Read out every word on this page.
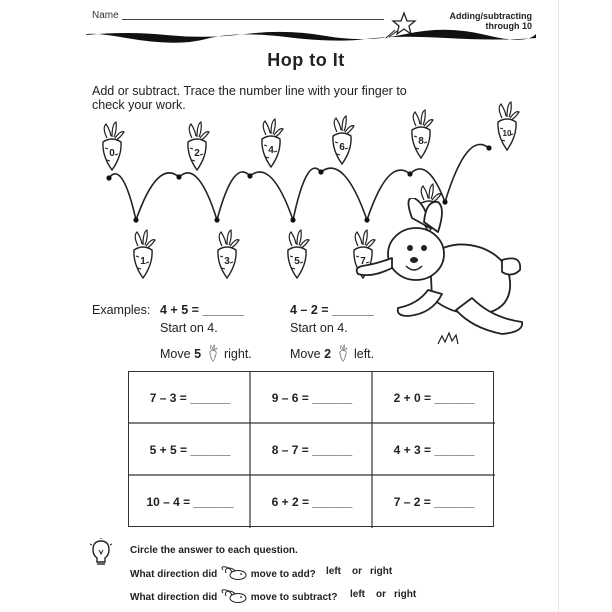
Name	Adding/subtracting
through 10
Hop to It
Add or subtract. Trace the number line with your finger to
check your work.
0
1
2
3
4
5
6
7
8
10
Examples: 4 + 5 = ______
Start on 4.
Move 5 right.
4 – 2 = ______
Start on 4.
Move 2 left.
7 – 3 = ______	9 – 6 = ______	2 + 0 = ______
5 + 5 = ______	8 – 7 = ______	4 + 3 = ______
10 – 4 = ______	6 + 2 = ______	7 – 2 = ______
Circle the answer to each question.
What direction did	move to add? left or right
What direction did	move to subtract? left or right
